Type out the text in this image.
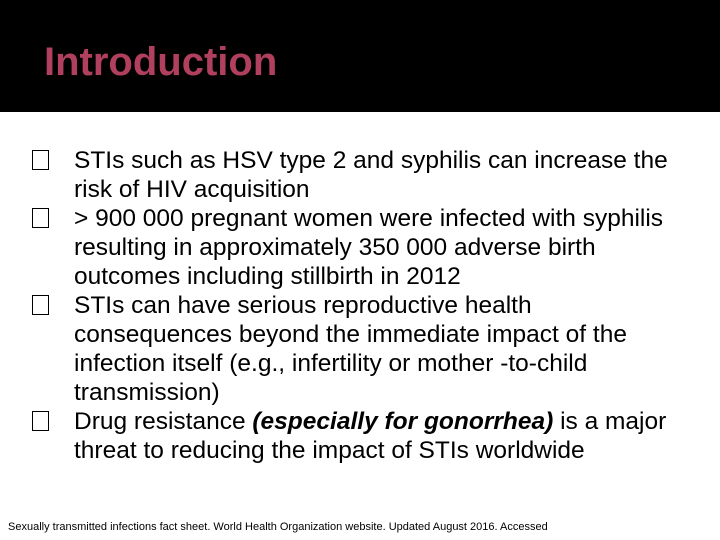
Introduction
STIs such as HSV type 2 and syphilis can increase the risk of HIV acquisition
> 900 000 pregnant women were infected with syphilis resulting in approximately 350 000 adverse birth outcomes including stillbirth in 2012
STIs can have serious reproductive health consequences beyond the immediate impact of the infection itself (e.g., infertility or mother -to-child transmission)
Drug resistance (especially for gonorrhea) is a major threat to reducing the impact of STIs worldwide
Sexually transmitted infections fact sheet. World Health Organization website. Updated August 2016. Accessed
